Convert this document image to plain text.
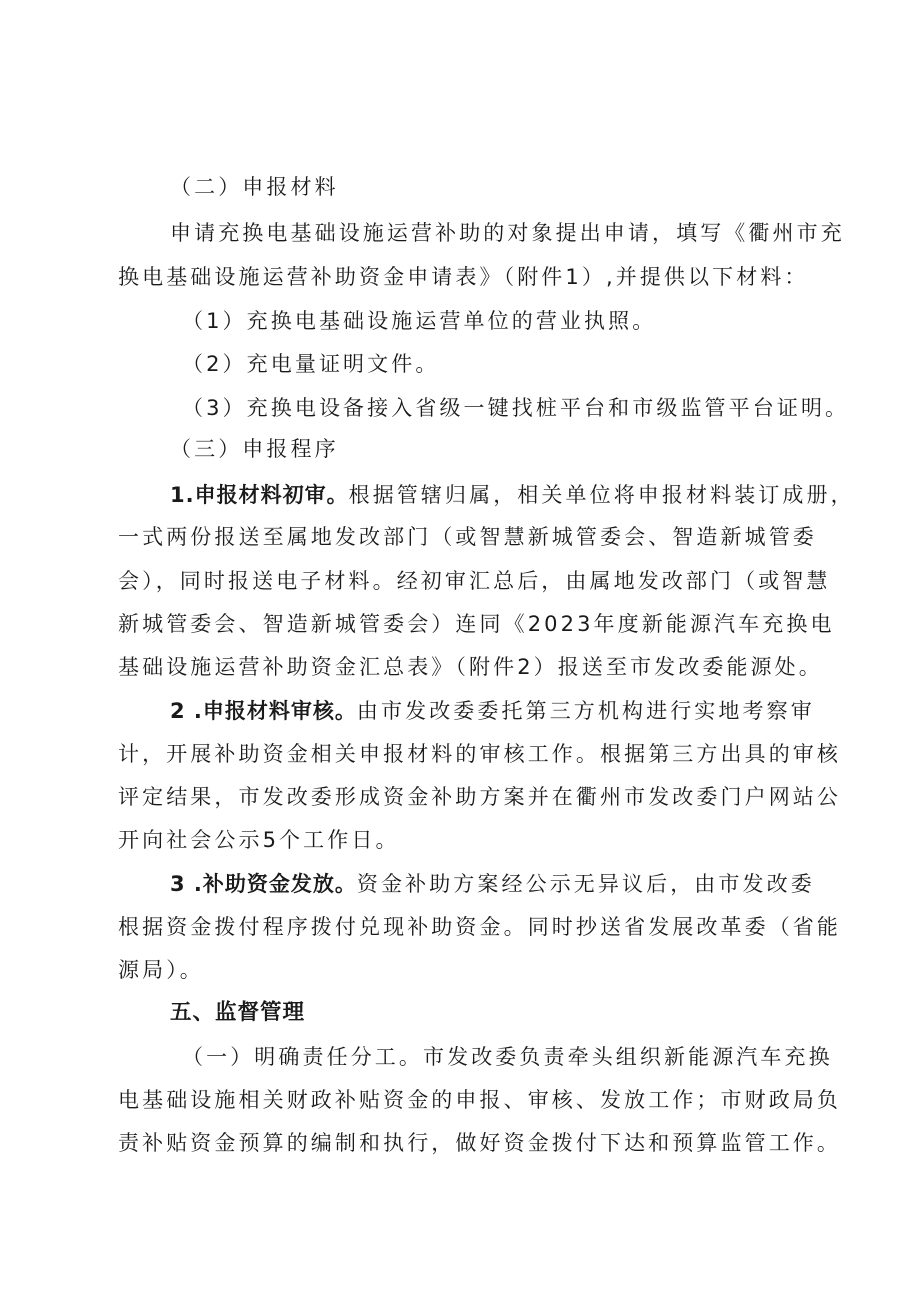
（二）申报材料
申请充换电基础设施运营补助的对象提出申请，填写《衢州市充
换电基础设施运营补助资金申请表》（附件1）,并提供以下材料：
（1）充换电基础设施运营单位的营业执照。
（2）充电量证明文件。
（3）充换电设备接入省级一键找桩平台和市级监管平台证明。
（三）申报程序
1.申报材料初审。根据管辖归属，相关单位将申报材料装订成册，
一式两份报送至属地发改部门（或智慧新城管委会、智造新城管委
会），同时报送电子材料。经初审汇总后，由属地发改部门（或智慧
新城管委会、智造新城管委会）连同《2023年度新能源汽车充换电
基础设施运营补助资金汇总表》（附件2）报送至市发改委能源处。
2 .申报材料审核。由市发改委委托第三方机构进行实地考察审
计，开展补助资金相关申报材料的审核工作。根据第三方出具的审核
评定结果，市发改委形成资金补助方案并在衢州市发改委门户网站公
开向社会公示5个工作日。
3 .补助资金发放。资金补助方案经公示无异议后，由市发改委
根据资金拨付程序拨付兑现补助资金。同时抄送省发展改革委（省能
源局）。
五、监督管理
（一）明确责任分工。市发改委负责牵头组织新能源汽车充换
电基础设施相关财政补贴资金的申报、审核、发放工作；市财政局负
责补贴资金预算的编制和执行，做好资金拨付下达和预算监管工作。
